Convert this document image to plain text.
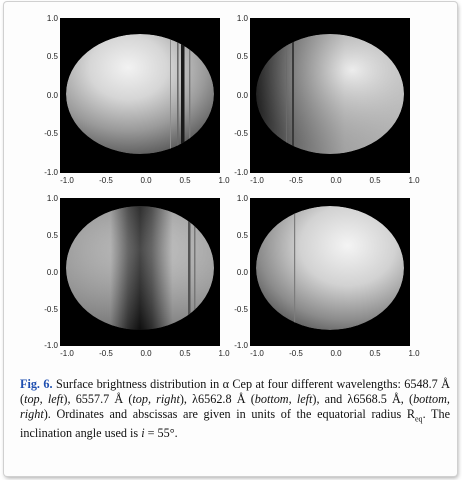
1.0
0.5
0.0
-0.5
-1.0
-1.0	-0.5	0.0	0.5	1.0
1.0
0.5
0.0
-0.5
-1.0
-1.0	-0.5	0.0	0.5	1.0
1.0
0.5
0.0
-0.5
-1.0
-1.0	-0.5	0.0	0.5	1.0
1.0
0.5
0.0
-0.5
-1.0
-1.0	-0.5	0.0	0.5	1.0
Fig. 6. Surface brightness distribution in α Cep at four different wavelengths: 6548.7 Å (top, left), 6557.7 Å (top, right), λ6562.8 Å (bottom, left), and λ6568.5 Å, (bottom, right). Ordinates and abscissas are given in units of the equatorial radius $R_{eq}$. The inclination angle used is i = 55°.
